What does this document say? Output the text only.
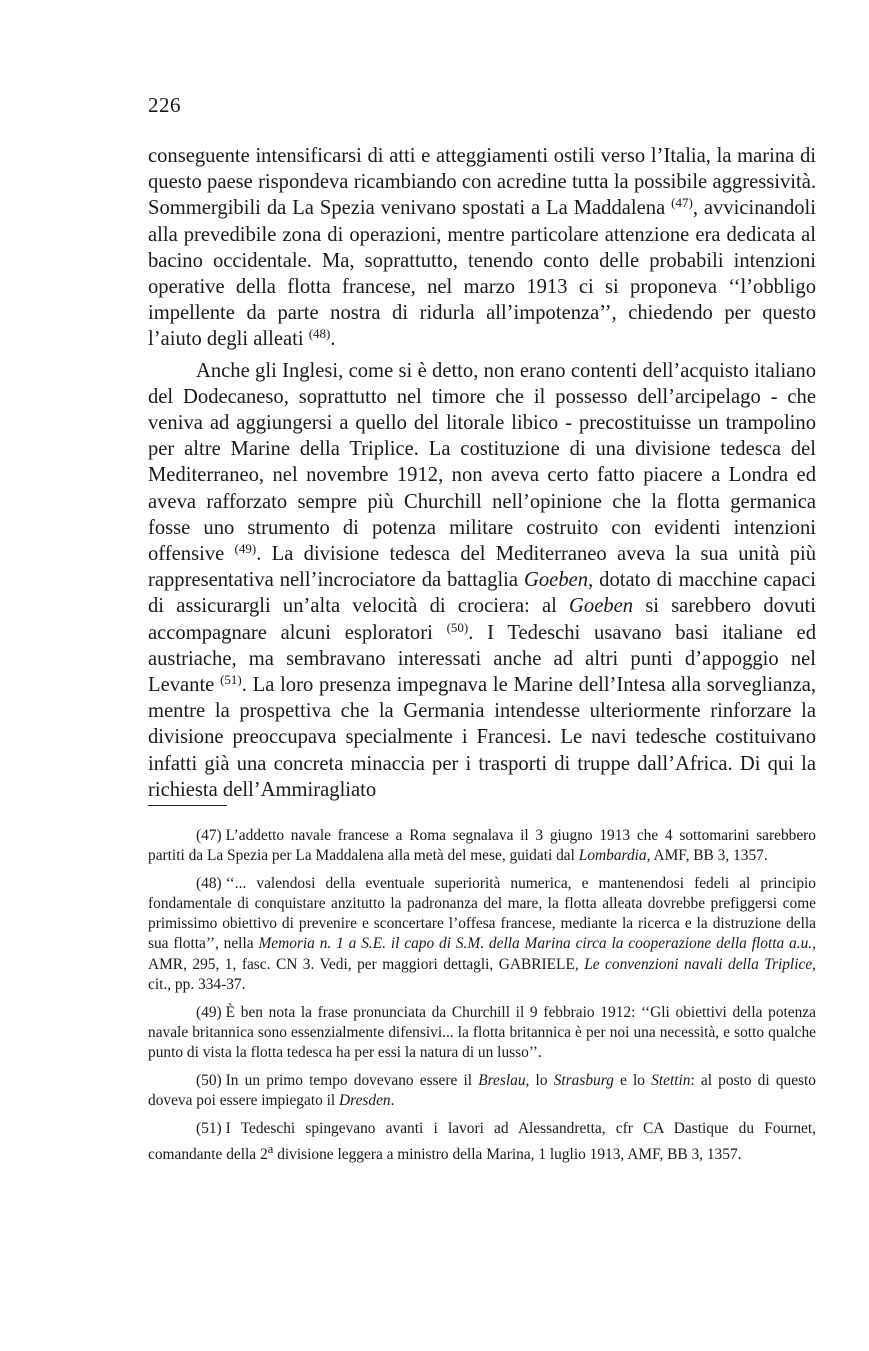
226

conseguente intensificarsi di atti e atteggiamenti ostili verso l’Italia, la marina di questo paese rispondeva ricambiando con acredine tutta la possibile aggressività. Sommergibili da La Spezia venivano spostati a La Maddalena $^{(47)}$, avvicinandoli alla prevedibile zona di operazioni, mentre particolare attenzione era dedicata al bacino occidentale. Ma, soprattutto, tenendo conto delle probabili intenzioni operative della flotta francese, nel marzo 1913 ci si proponeva ‘‘l’obbligo impellente da parte nostra di ridurla all’impotenza’’, chiedendo per questo l’aiuto degli alleati $^{(48)}$.

Anche gli Inglesi, come si è detto, non erano contenti dell’acquisto italiano del Dodecaneso, soprattutto nel timore che il possesso dell’arcipelago - che veniva ad aggiungersi a quello del litorale libico - precostituisse un trampolino per altre Marine della Triplice. La costituzione di una divisione tedesca del Mediterraneo, nel novembre 1912, non aveva certo fatto piacere a Londra ed aveva rafforzato sempre più Churchill nell’opinione che la flotta germanica fosse uno strumento di potenza militare costruito con evidenti intenzioni offensive $^{(49)}$. La divisione tedesca del Mediterraneo aveva la sua unità più rappresentativa nell’incrociatore da battaglia Goeben, dotato di macchine capaci di assicurargli un’alta velocità di crociera: al Goeben si sarebbero dovuti accompagnare alcuni esploratori $^{(50)}$. I Tedeschi usavano basi italiane ed austriache, ma sembravano interessati anche ad altri punti d’appoggio nel Levante $^{(51)}$. La loro presenza impegnava le Marine dell’Intesa alla sorveglianza, mentre la prospettiva che la Germania intendesse ulteriormente rinforzare la divisione preoccupava specialmente i Francesi. Le navi tedesche costituivano infatti già una concreta minaccia per i trasporti di truppe dall’Africa. Di qui la richiesta dell’Ammiragliato

(47) L’addetto navale francese a Roma segnalava il 3 giugno 1913 che 4 sottomarini sarebbero partiti da La Spezia per La Maddalena alla metà del mese, guidati dal Lombardia, AMF, BB 3, 1357.

(48) ‘‘... valendosi della eventuale superiorità numerica, e mantenendosi fedeli al principio fondamentale di conquistare anzitutto la padronanza del mare, la flotta alleata dovrebbe prefiggersi come primissimo obiettivo di prevenire e sconcertare l’offesa francese, mediante la ricerca e la distruzione della sua flotta’’, nella Memoria n. 1 a S.E. il capo di S.M. della Marina circa la cooperazione della flotta a.u., AMR, 295, 1, fasc. CN 3. Vedi, per maggiori dettagli, GABRIELE, Le convenzioni navali della Triplice, cit., pp. 334-37.

(49) È ben nota la frase pronunciata da Churchill il 9 febbraio 1912: ‘‘Gli obiettivi della potenza navale britannica sono essenzialmente difensivi... la flotta britannica è per noi una necessità, e sotto qualche punto di vista la flotta tedesca ha per essi la natura di un lusso’’.

(50) In un primo tempo dovevano essere il Breslau, lo Strasburg e lo Stettin: al posto di questo doveva poi essere impiegato il Dresden.

(51) I Tedeschi spingevano avanti i lavori ad Alessandretta, cfr CA Dastique du Fournet, comandante della 2$^a$ divisione leggera a ministro della Marina, 1 luglio 1913, AMF, BB 3, 1357.
